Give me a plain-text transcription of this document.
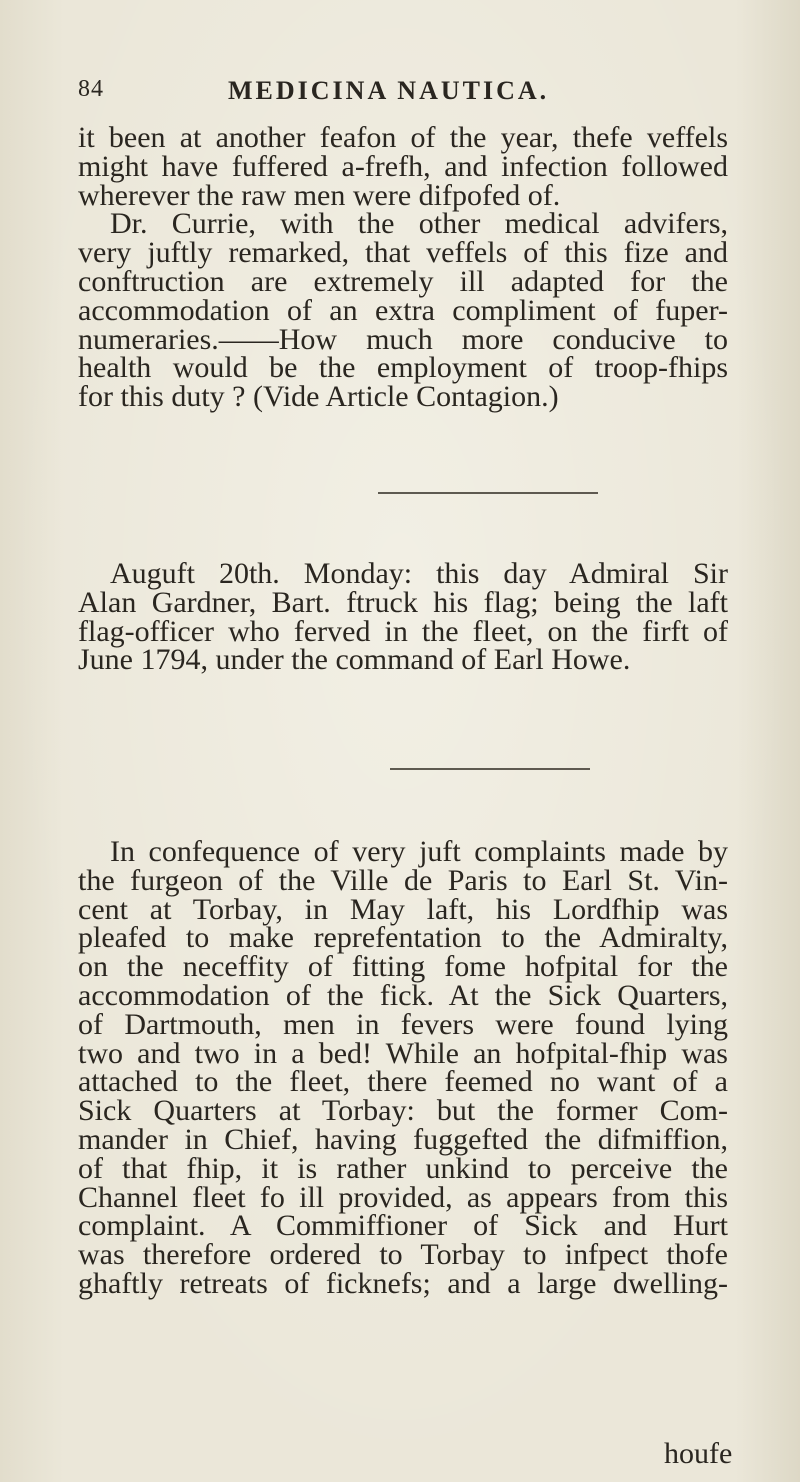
84	MEDICINA NAUTICA.
it been at another feafon of the year, thefe veffels
might have fuffered a-frefh, and infection followed
wherever the raw men were difpofed of.
Dr. Currie, with the other medical advifers,
very juftly remarked, that veffels of this fize and
conftruction are extremely ill adapted for the
accommodation of an extra compliment of fuper-
numeraries.——How much more conducive to
health would be the employment of troop-fhips
for this duty ? (Vide Article Contagion.)
Auguft 20th. Monday: this day Admiral Sir
Alan Gardner, Bart. ftruck his flag; being the laft
flag-officer who ferved in the fleet, on the firft of
June 1794, under the command of Earl Howe.
In confequence of very juft complaints made by
the furgeon of the Ville de Paris to Earl St. Vin-
cent at Torbay, in May laft, his Lordfhip was
pleafed to make reprefentation to the Admiralty,
on the neceffity of fitting fome hofpital for the
accommodation of the fick. At the Sick Quarters,
of Dartmouth, men in fevers were found lying
two and two in a bed! While an hofpital-fhip was
attached to the fleet, there feemed no want of a
Sick Quarters at Torbay: but the former Com-
mander in Chief, having fuggefted the difmiffion,
of that fhip, it is rather unkind to perceive the
Channel fleet fo ill provided, as appears from this
complaint. A Commiffioner of Sick and Hurt
was therefore ordered to Torbay to infpect thofe
ghaftly retreats of ficknefs; and a large dwelling-
houfe
